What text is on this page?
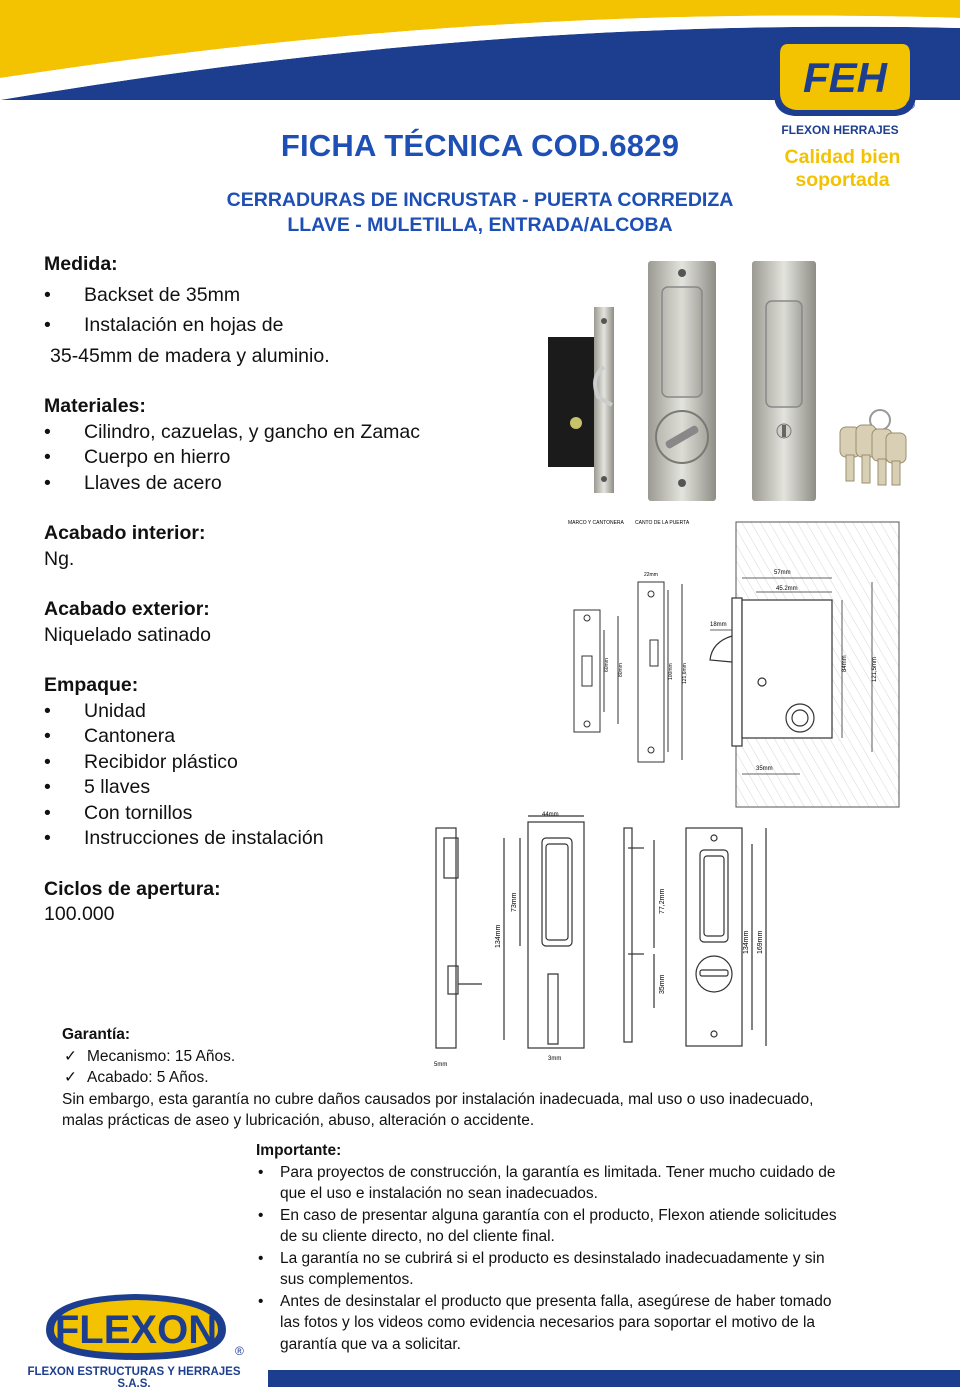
FEH
®
FLEXON HERRAJES
Calidad bien soportada
FICHA TÉCNICA COD.6829
CERRADURAS DE INCRUSTAR - PUERTA CORREDIZA
LLAVE - MULETILLA, ENTRADA/ALCOBA
Medida:
• Backset de 35mm
• Instalación en hojas de
35-45mm de madera y aluminio.
Materiales:
• Cilindro, cazuelas, y gancho en Zamac
• Cuerpo en hierro
• Llaves de acero
Acabado interior:
Ng.
Acabado exterior:
Niquelado satinado
Empaque:
• Unidad
• Cantonera
• Recibidor plástico
• 5 llaves
• Con tornillos
• Instrucciones de instalación
Ciclos de apertura:
100.000
MARCO Y CANTONERA CANTO DE LA PUERTA
60mm 80mm
22mm
100mm 121,6mm
57mm
45.2mm
18mm
84mm	121,5mm
35mm
44mm
73mm
134mm
5mm
3mm
77,2mm
35mm
134mm 169mm
Garantía:
✓ Mecanismo: 15 Años.
✓ Acabado: 5 Años.
Sin embargo, esta garantía no cubre daños causados por instalación inadecuada, mal uso o uso inadecuado,
malas prácticas de aseo y lubricación, abuso, alteración o accidente.
Importante:
• Para proyectos de construcción, la garantía es limitada. Tener mucho cuidado de
que el uso e instalación no sean inadecuados.
• En caso de presentar alguna garantía con el producto, Flexon atiende solicitudes
de su cliente directo, no del cliente final.
• La garantía no se cubrirá si el producto es desinstalado inadecuadamente y sin
sus complementos.
• Antes de desinstalar el producto que presenta falla, asegúrese de haber tomado
las fotos y los videos como evidencia necesarios para soportar el motivo de la
garantía que va a solicitar.
FLEXON ®
FLEXON ESTRUCTURAS Y HERRAJES S.A.S.
